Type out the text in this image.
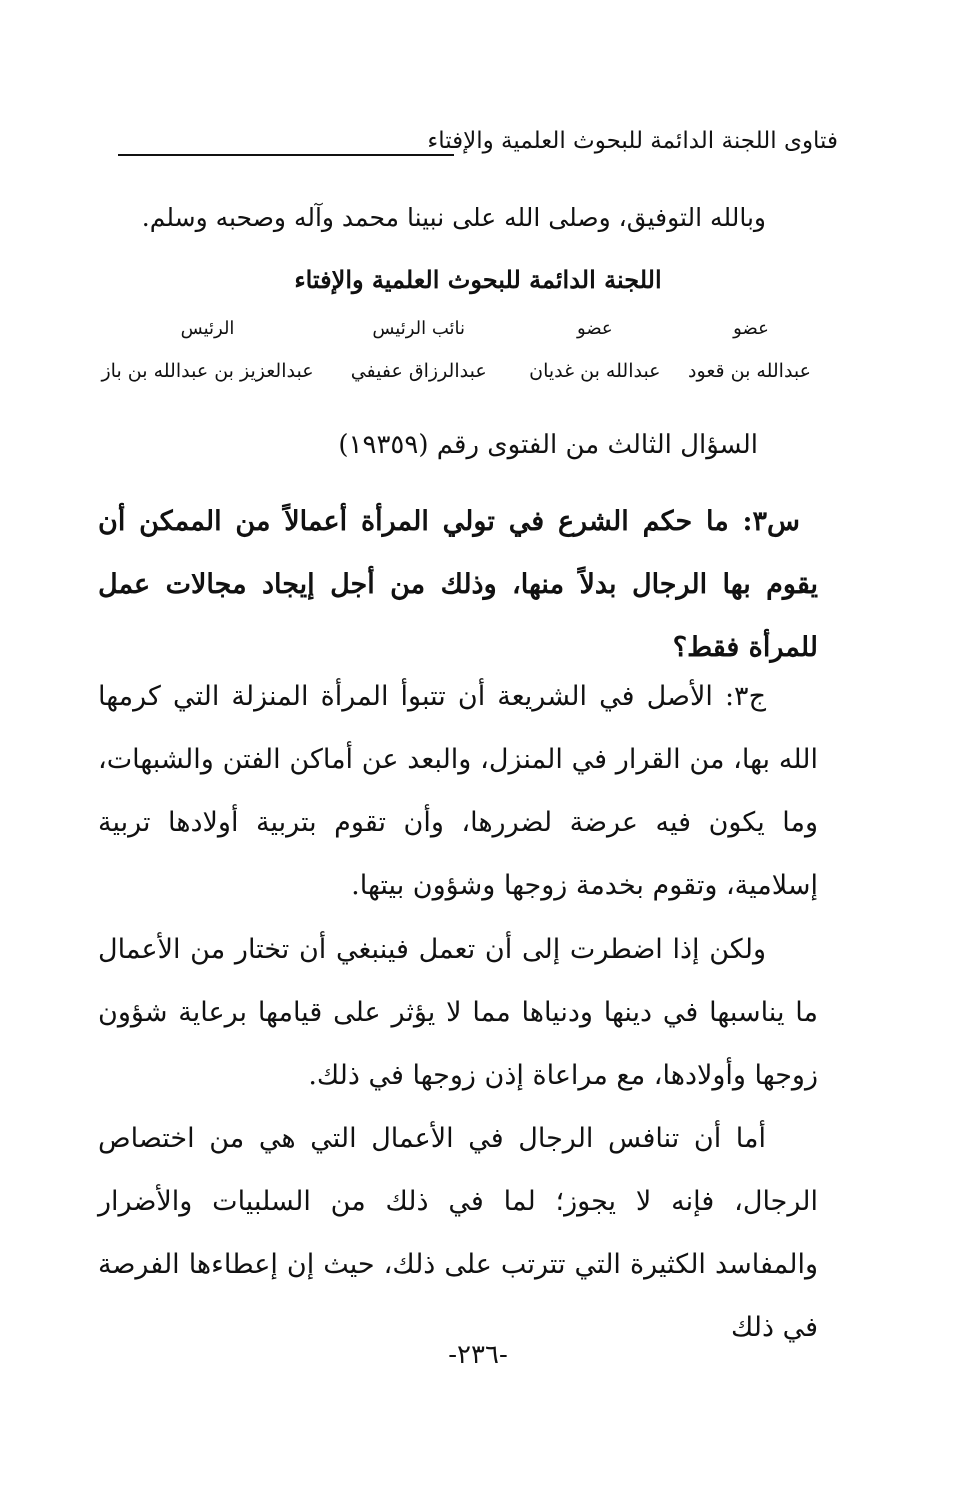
فتاوى اللجنة الدائمة للبحوث العلمية والإفتاء
وبالله التوفيق، وصلى الله على نبينا محمد وآله وصحبه وسلم.
اللجنة الدائمة للبحوث العلمية والإفتاء
عضو
عضو
نائب الرئيس
الرئيس
عبدالله بن قعود
عبدالله بن غديان
عبدالرزاق عفيفي
عبدالعزيز بن عبدالله بن باز
السؤال الثالث من الفتوى رقم (١٩٣٥٩)

س٣: ما حكم الشرع في تولي المرأة أعمالاً من الممكن أن يقوم بها الرجال بدلاً منها، وذلك من أجل إيجاد مجالات عمل للمرأة فقط؟

ج٣: الأصل في الشريعة أن تتبوأ المرأة المنزلة التي كرمها الله بها، من القرار في المنزل، والبعد عن أماكن الفتن والشبهات، وما يكون فيه عرضة لضررها، وأن تقوم بتربية أولادها تربية إسلامية، وتقوم بخدمة زوجها وشؤون بيتها.

ولكن إذا اضطرت إلى أن تعمل فينبغي أن تختار من الأعمال ما يناسبها في دينها ودنياها مما لا يؤثر على قيامها برعاية شؤون زوجها وأولادها، مع مراعاة إذن زوجها في ذلك.

أما أن تنافس الرجال في الأعمال التي هي من اختصاص الرجال، فإنه لا يجوز؛ لما في ذلك من السلبيات والأضرار والمفاسد الكثيرة التي تترتب على ذلك، حيث إن إعطاءها الفرصة في ذلك

-٢٣٦-
